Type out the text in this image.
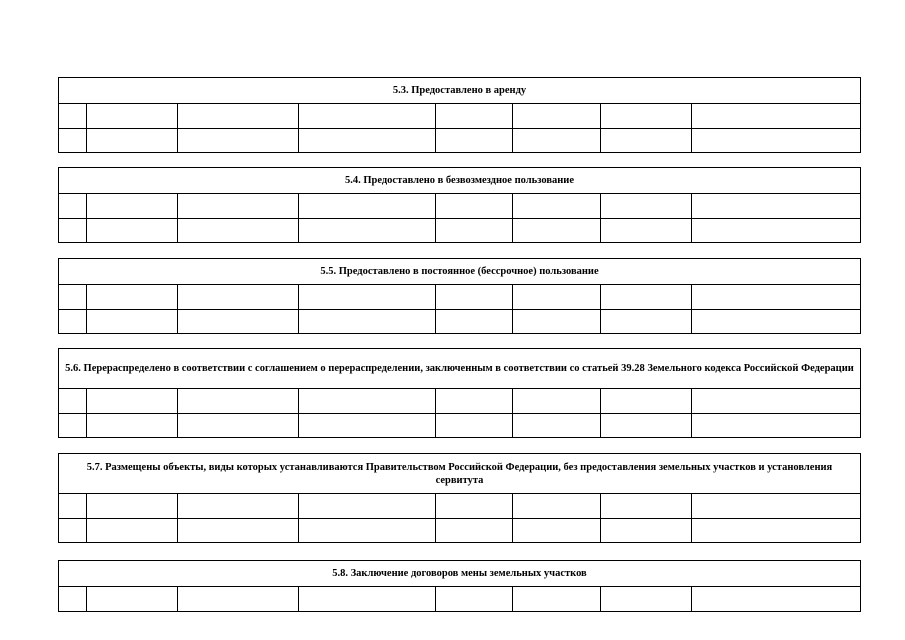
5.3. Предоставлено в аренду
5.4. Предоставлено в безвозмездное пользование
5.5. Предоставлено в постоянное (бессрочное) пользование
5.6. Перераспределено в соответствии с соглашением о перераспределении, заключенным в соответствии со статьей 39.28 Земельного кодекса Российской Федерации
5.7. Размещены объекты, виды которых устанавливаются Правительством Российской Федерации, без предоставления земельных участков и установления сервитута
5.8. Заключение договоров мены земельных участков
